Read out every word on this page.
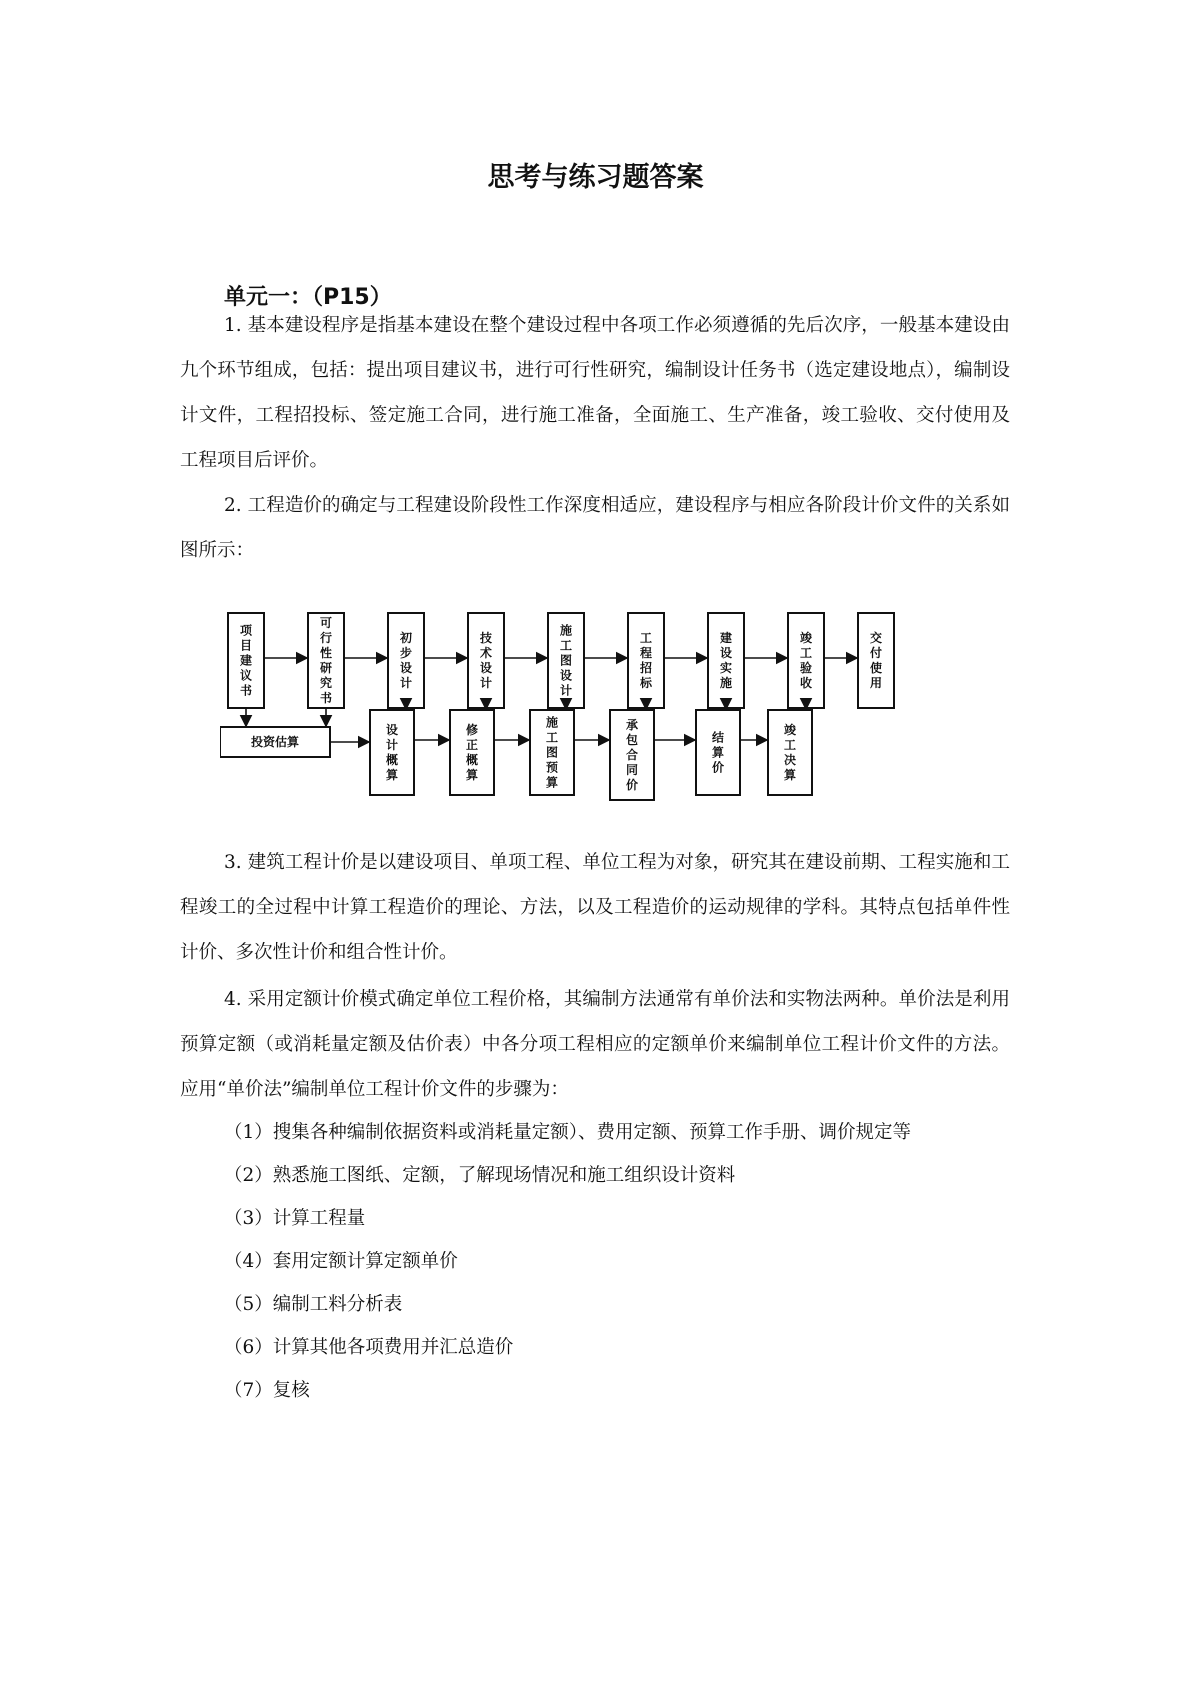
思考与练习题答案
单元一：（P15）

1. 基本建设程序是指基本建设在整个建设过程中各项工作必须遵循的先后次序，一般基本建设由九个环节组成，包括：提出项目建议书，进行可行性研究，编制设计任务书（选定建设地点），编制设计文件，工程招投标、签定施工合同，进行施工准备，全面施工、生产准备，竣工验收、交付使用及工程项目后评价。

2. 工程造价的确定与工程建设阶段性工作深度相适应，建设程序与相应各阶段计价文件的关系如图所示：

项目建议书
可行性研究书
初步设计
技术设计
施工图设计
工程招标
建设实施
竣工验收
交付使用
投资估算
设计概算
修正概算
施工图预算
承包合同价
结算价
竣工决算

3. 建筑工程计价是以建设项目、单项工程、单位工程为对象，研究其在建设前期、工程实施和工程竣工的全过程中计算工程造价的理论、方法，以及工程造价的运动规律的学科。其特点包括单件性计价、多次性计价和组合性计价。

4. 采用定额计价模式确定单位工程价格，其编制方法通常有单价法和实物法两种。单价法是利用预算定额（或消耗量定额及估价表）中各分项工程相应的定额单价来编制单位工程计价文件的方法。应用“单价法”编制单位工程计价文件的步骤为：

（1）搜集各种编制依据资料或消耗量定额）、费用定额、预算工作手册、调价规定等

（2）熟悉施工图纸、定额，了解现场情况和施工组织设计资料

（3）计算工程量

（4）套用定额计算定额单价

（5）编制工料分析表

（6）计算其他各项费用并汇总造价

（7）复核
